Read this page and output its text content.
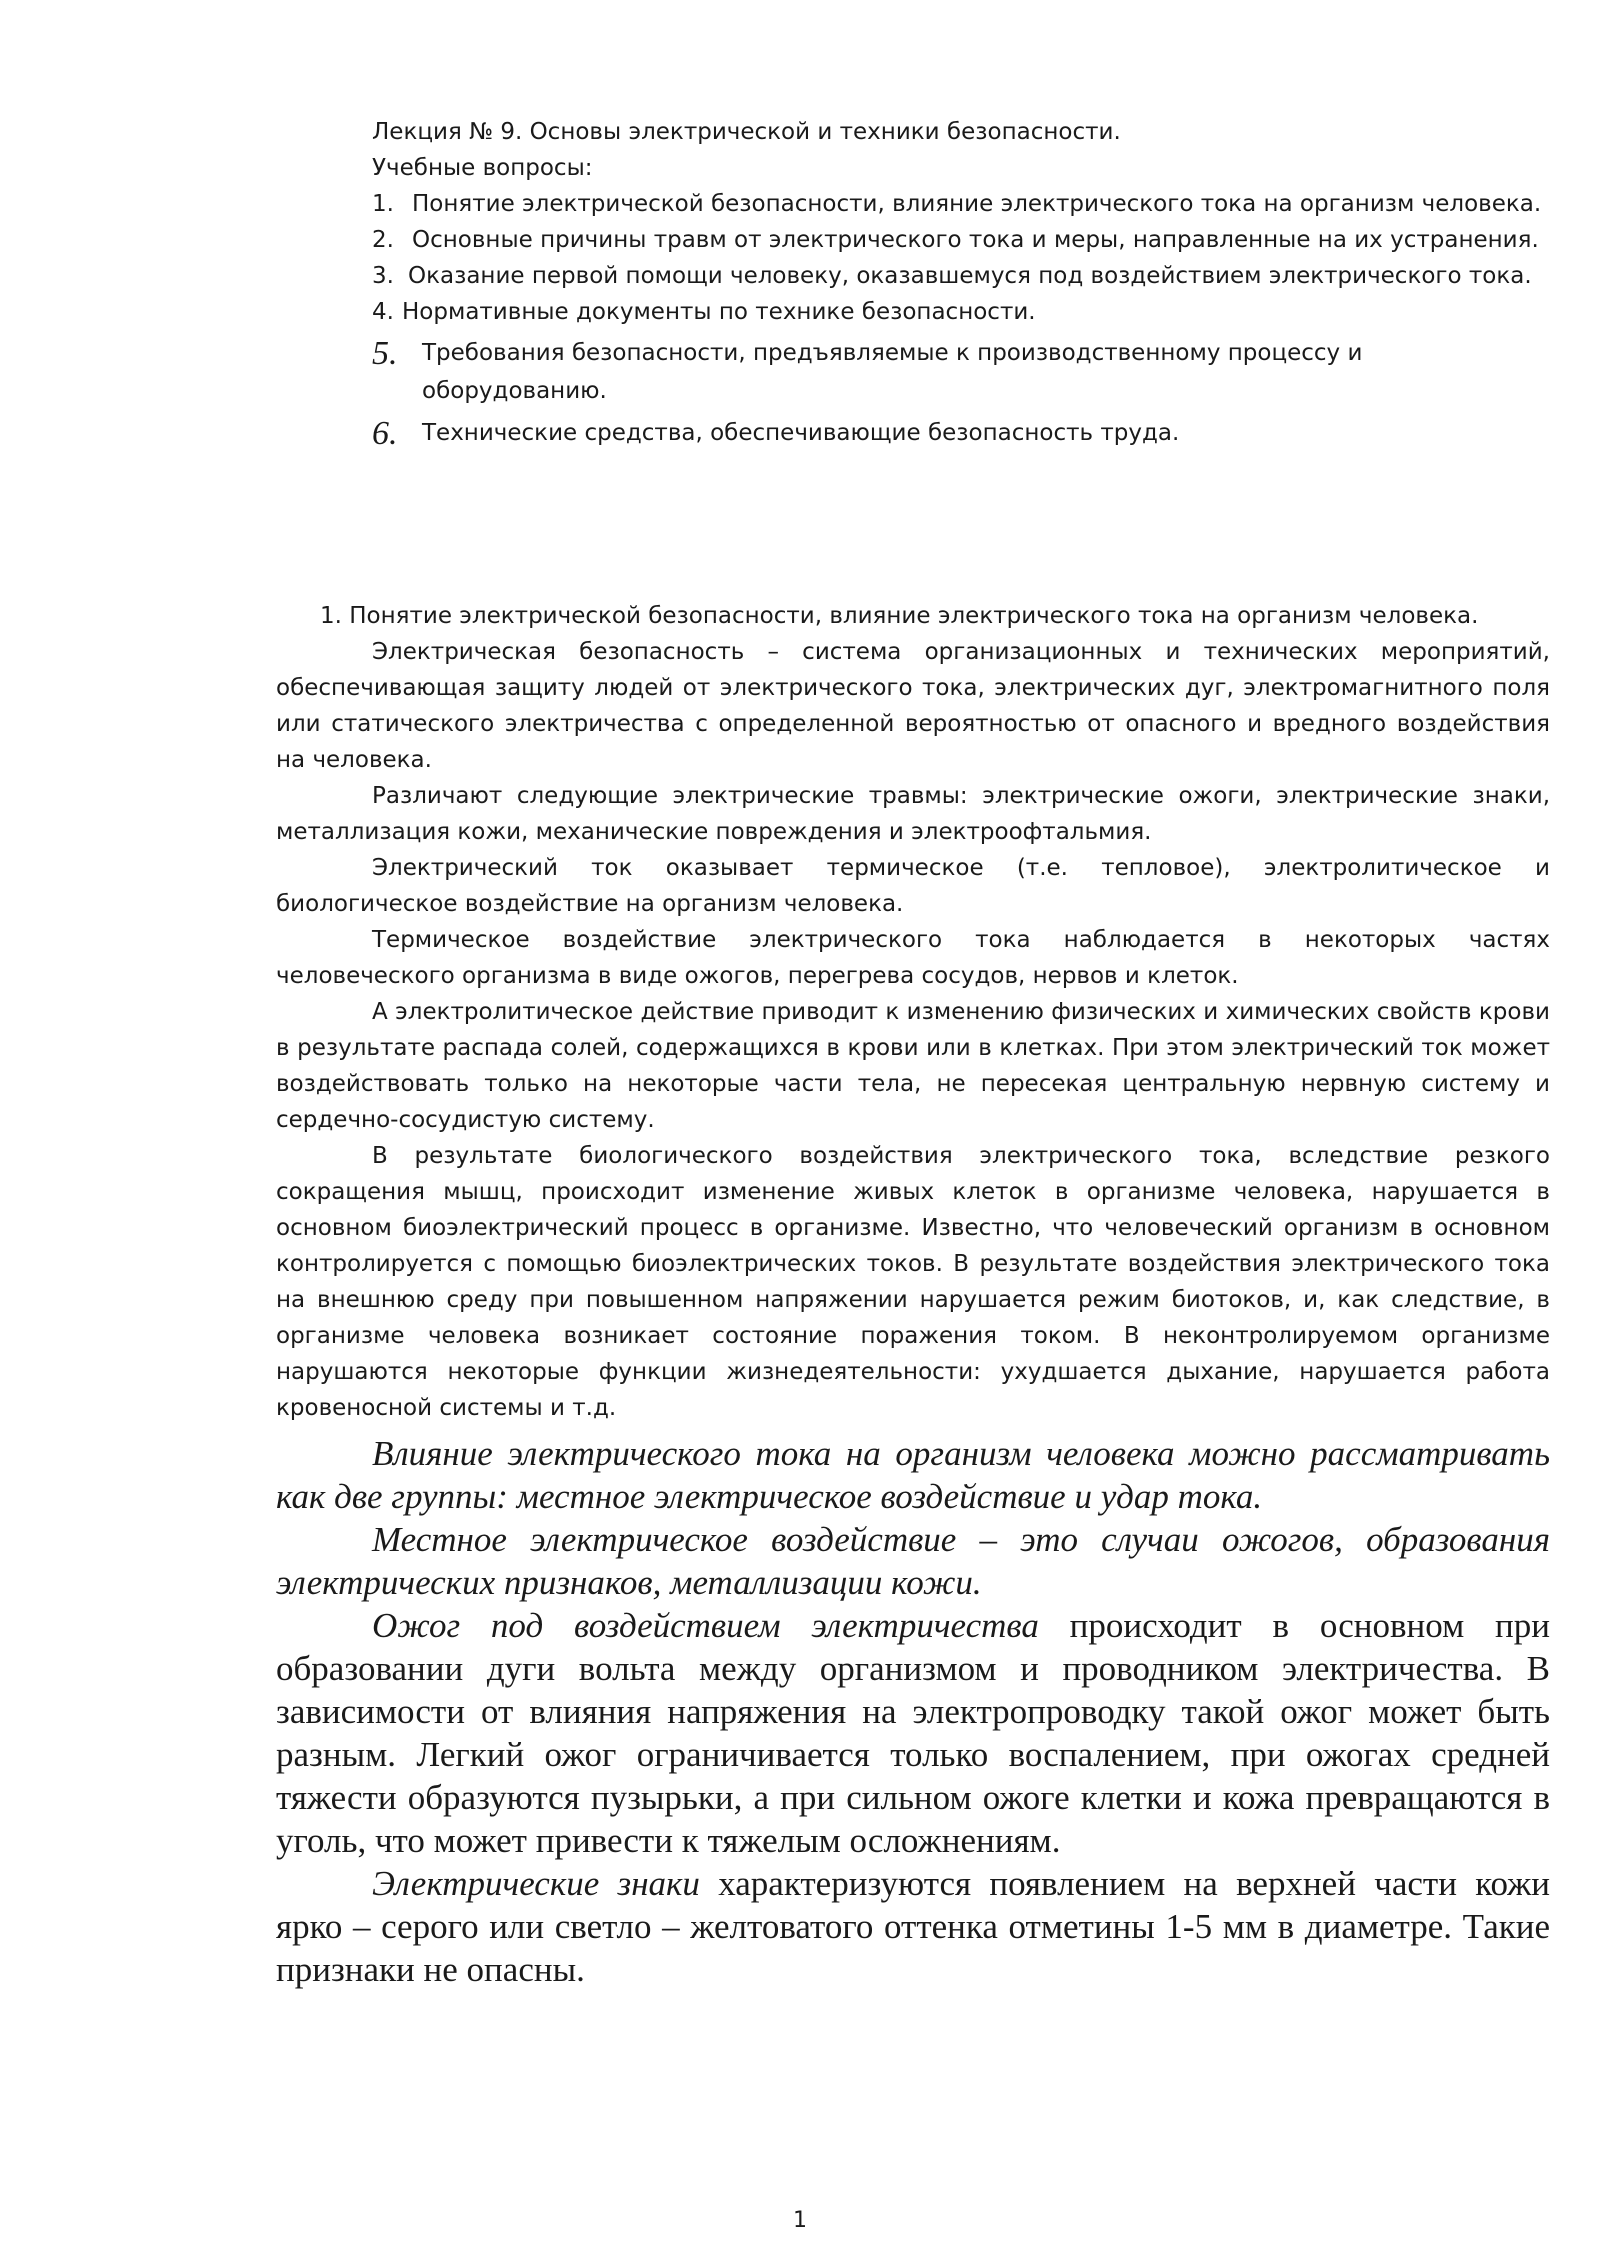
Лекция № 9. Основы электрической и техники безопасности.

Учебные вопросы:

1. Понятие электрической безопасности, влияние электрического тока на организм человека.
2. Основные причины травм от электрического тока и меры, направленные на их устранения.
3. Оказание первой помощи человеку, оказавшемуся под воздействием электрического тока.
4. Нормативные документы по технике безопасности.
5.	Требования безопасности, предъявляемые к производственному процессу и оборудованию.
6.	Технические средства, обеспечивающие безопасность труда.

1. Понятие электрической безопасности, влияние электрического тока на организм человека.

Электрическая безопасность – система организационных и технических мероприятий, обеспечивающая защиту людей от электрического тока, электрических дуг, электромагнитного поля или статического электричества с определенной вероятностью от опасного и вредного воздействия на человека.

Различают следующие электрические травмы: электрические ожоги, электрические знаки, металлизация кожи, механические повреждения и электроофтальмия.

Электрический ток оказывает термическое (т.е. тепловое), электролитическое и биологическое воздействие на организм человека.

Термическое воздействие электрического тока наблюдается в некоторых частях человеческого организма в виде ожогов, перегрева сосудов, нервов и клеток.

А электролитическое действие приводит к изменению физических и химических свойств крови в результате распада солей, содержащихся в крови или в клетках. При этом электрический ток может воздействовать только на некоторые части тела, не пересекая центральную нервную систему и сердечно-сосудистую систему.

В результате биологического воздействия электрического тока, вследствие резкого сокращения мышц, происходит изменение живых клеток в организме человека, нарушается в основном биоэлектрический процесс в организме. Известно, что человеческий организм в основном контролируется с помощью биоэлектрических токов. В результате воздействия электрического тока на внешнюю среду при повышенном напряжении нарушается режим биотоков, и, как следствие, в организме человека возникает состояние поражения током. В неконтролируемом организме нарушаются некоторые функции жизнедеятельности: ухудшается дыхание, нарушается работа кровеносной системы и т.д.

Влияние электрического тока на организм человека можно рассматривать как две группы: местное электрическое воздействие и удар тока.

Местное электрическое воздействие – это случаи ожогов, образования электрических признаков, металлизации кожи.

Ожог под воздействием электричества происходит в основном при образовании дуги вольта между организмом и проводником электричества. В зависимости от влияния напряжения на электропроводку такой ожог может быть разным. Легкий ожог ограничивается только воспалением, при ожогах средней тяжести образуются пузырьки, а при сильном ожоге клетки и кожа превращаются в уголь, что может привести к тяжелым осложнениям.

Электрические знаки характеризуются появлением на верхней части кожи ярко – серого или светло – желтоватого оттенка отметины 1-5 мм в диаметре. Такие признаки не опасны.

1
